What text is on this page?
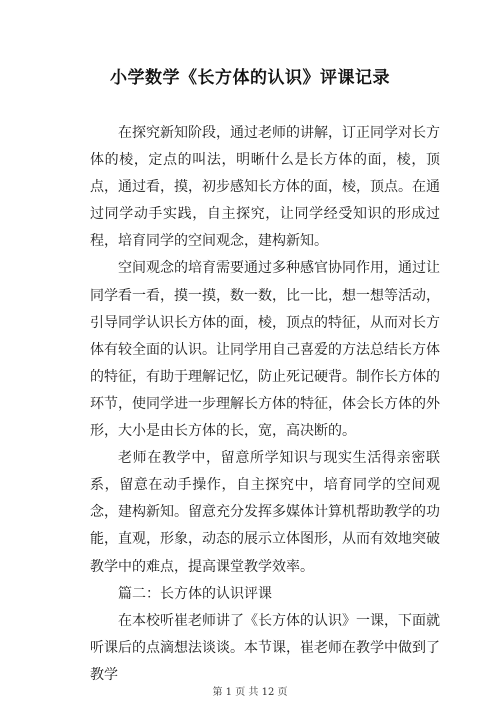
小学数学《长方体的认识》评课记录

在探究新知阶段，通过老师的讲解，订正同学对长方体的棱，定点的叫法，明晰什么是长方体的面，棱，顶点，通过看，摸，初步感知长方体的面，棱，顶点。在通过同学动手实践，自主探究，让同学经受知识的形成过程，培育同学的空间观念，建构新知。

空间观念的培育需要通过多种感官协同作用，通过让同学看一看，摸一摸，数一数，比一比，想一想等活动，引导同学认识长方体的面，棱，顶点的特征，从而对长方体有较全面的认识。让同学用自己喜爱的方法总结长方体的特征，有助于理解记忆，防止死记硬背。制作长方体的环节，使同学进一步理解长方体的特征，体会长方体的外形，大小是由长方体的长，宽，高决断的。

老师在教学中，留意所学知识与现实生活得亲密联系，留意在动手操作，自主探究中，培育同学的空间观念，建构新知。留意充分发挥多媒体计算机帮助教学的功能，直观，形象，动态的展示立体图形，从而有效地突破教学中的难点，提高课堂教学效率。

篇二：长方体的认识评课

在本校听崔老师讲了《长方体的认识》一课，下面就听课后的点滴想法谈谈。本节课，崔老师在教学中做到了教学

第 1 页 共 12 页
